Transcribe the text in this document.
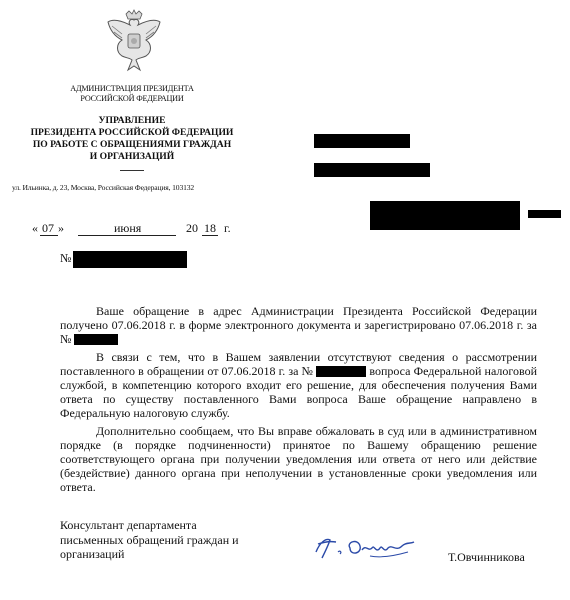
АДМИНИСТРАЦИЯ ПРЕЗИДЕНТА
РОССИЙСКОЙ ФЕДЕРАЦИИ
УПРАВЛЕНИЕ
ПРЕЗИДЕНТА РОССИЙСКОЙ ФЕДЕРАЦИИ
ПО РАБОТЕ С ОБРАЩЕНИЯМИ ГРАЖДАН
И ОРГАНИЗАЦИЙ
ул. Ильинка, д. 23, Москва, Российская Федерация, 103132
« 07 »	июня	20 18 г.
№

Ваше обращение в адрес Администрации Президента Российской Федерации получено 07.06.2018 г. в форме электронного документа и зарегистрировано 07.06.2018 г. за №

В связи с тем, что в Вашем заявлении отсутствуют сведения о рассмотрении поставленного в обращении от 07.06.2018 г. за №	вопроса Федеральной налоговой службой, в компетенцию которого входит его решение, для обеспечения получения Вами ответа по существу поставленного Вами вопроса Ваше обращение направлено в Федеральную налоговую службу.

Дополнительно сообщаем, что Вы вправе обжаловать в суд или в административном порядке (в порядке подчиненности) принятое по Вашему обращению решение соответствующего органа при получении уведомления или ответа от него или действие (бездействие) данного органа при неполучении в установленные сроки уведомления или ответа.

Консультант департамента
письменных обращений граждан и
организаций	Т.Овчинникова
